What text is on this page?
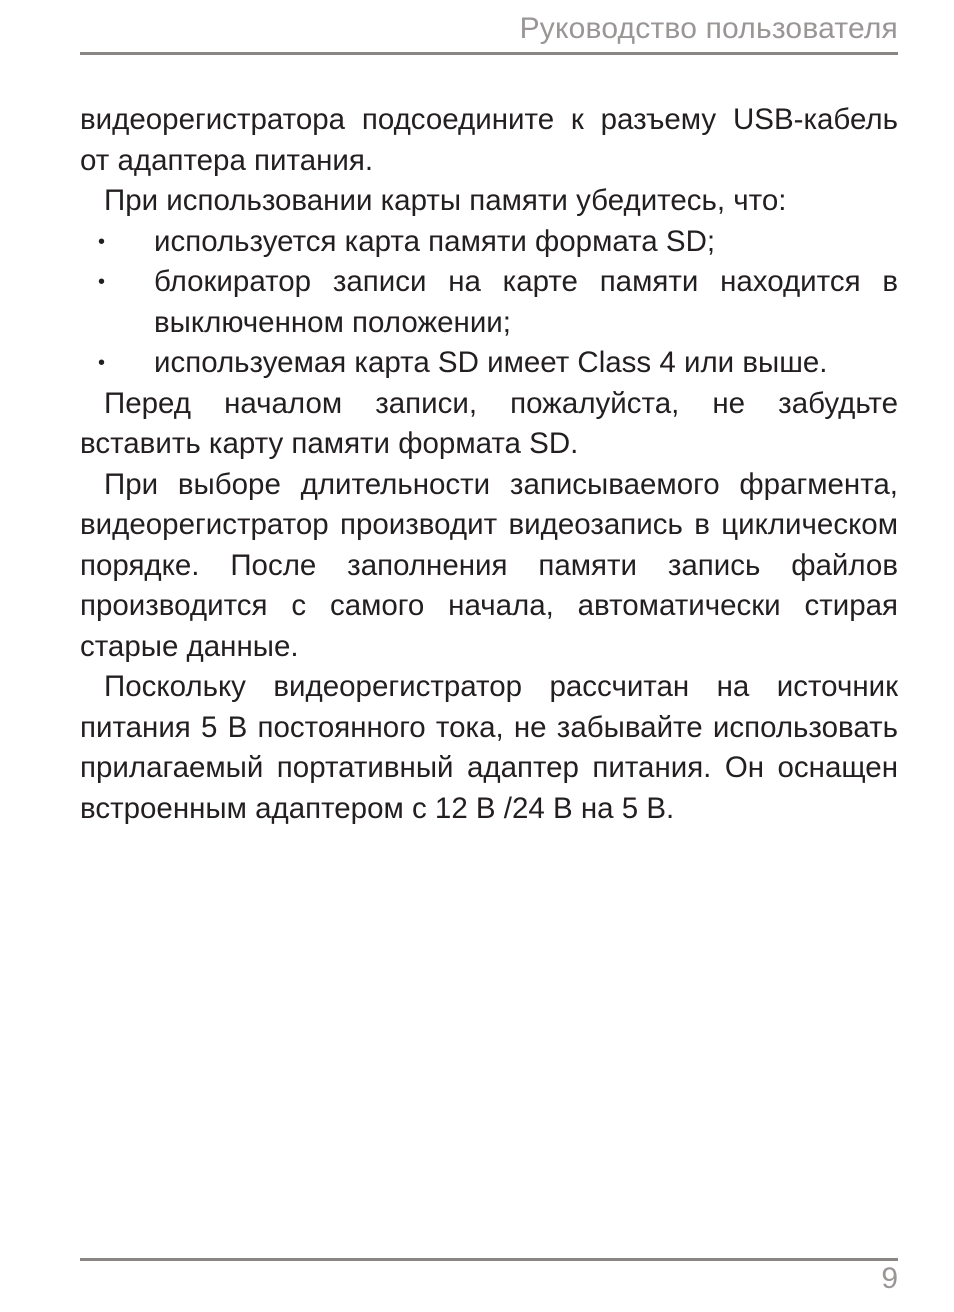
Руководство пользователя

видеорегистратора подсоедините к разъему USB-кабель от адаптера питания.

При использовании карты памяти убедитесь, что:

• используется карта памяти формата SD;
• блокиратор записи на карте памяти находится в выключенном положении;
• используемая карта SD имеет Class 4 или выше.

Перед началом записи, пожалуйста, не забудьте вставить карту памяти формата SD.

При выборе длительности записываемого фрагмента, видеорегистратор производит видеозапись в циклическом порядке. После заполнения памяти запись файлов производится с самого начала, автоматически стирая старые данные.

Поскольку видеорегистратор рассчитан на источник питания 5 В постоянного тока, не забывайте использовать прилагаемый портативный адаптер питания. Он оснащен встроенным адаптером с 12 В /24 В на 5 В.

9
